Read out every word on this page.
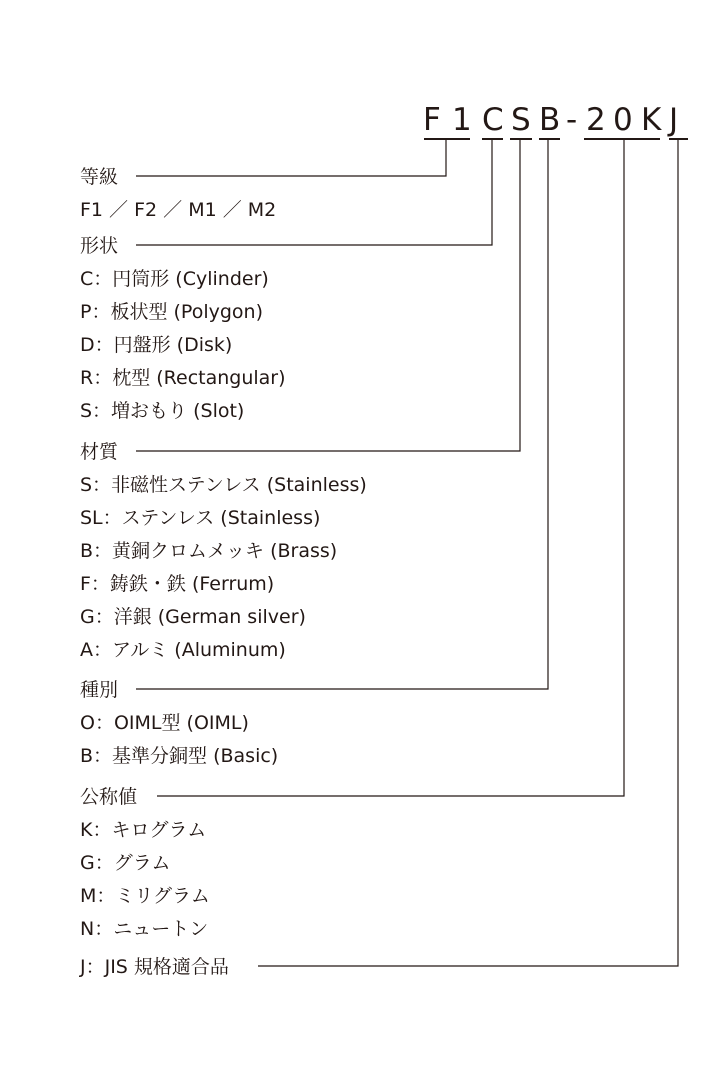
F 1 C S B - 2 0 K J
等級
F1 ／ F2 ／ M1 ／ M2
形状
C：円筒形 (Cylinder)
P：板状型 (Polygon)
D：円盤形 (Disk)
R：枕型 (Rectangular)
S：増おもり (Slot)
材質
S：非磁性ステンレス (Stainless)
SL：ステンレス (Stainless)
B：黄銅クロムメッキ (Brass)
F：鋳鉄・鉄 (Ferrum)
G：洋銀 (German silver)
A：アルミ (Aluminum)
種別
O：OIML型 (OIML)
B：基準分銅型 (Basic)
公称値
K：キログラム
G：グラム
M：ミリグラム
N：ニュートン
J：JIS 規格適合品
